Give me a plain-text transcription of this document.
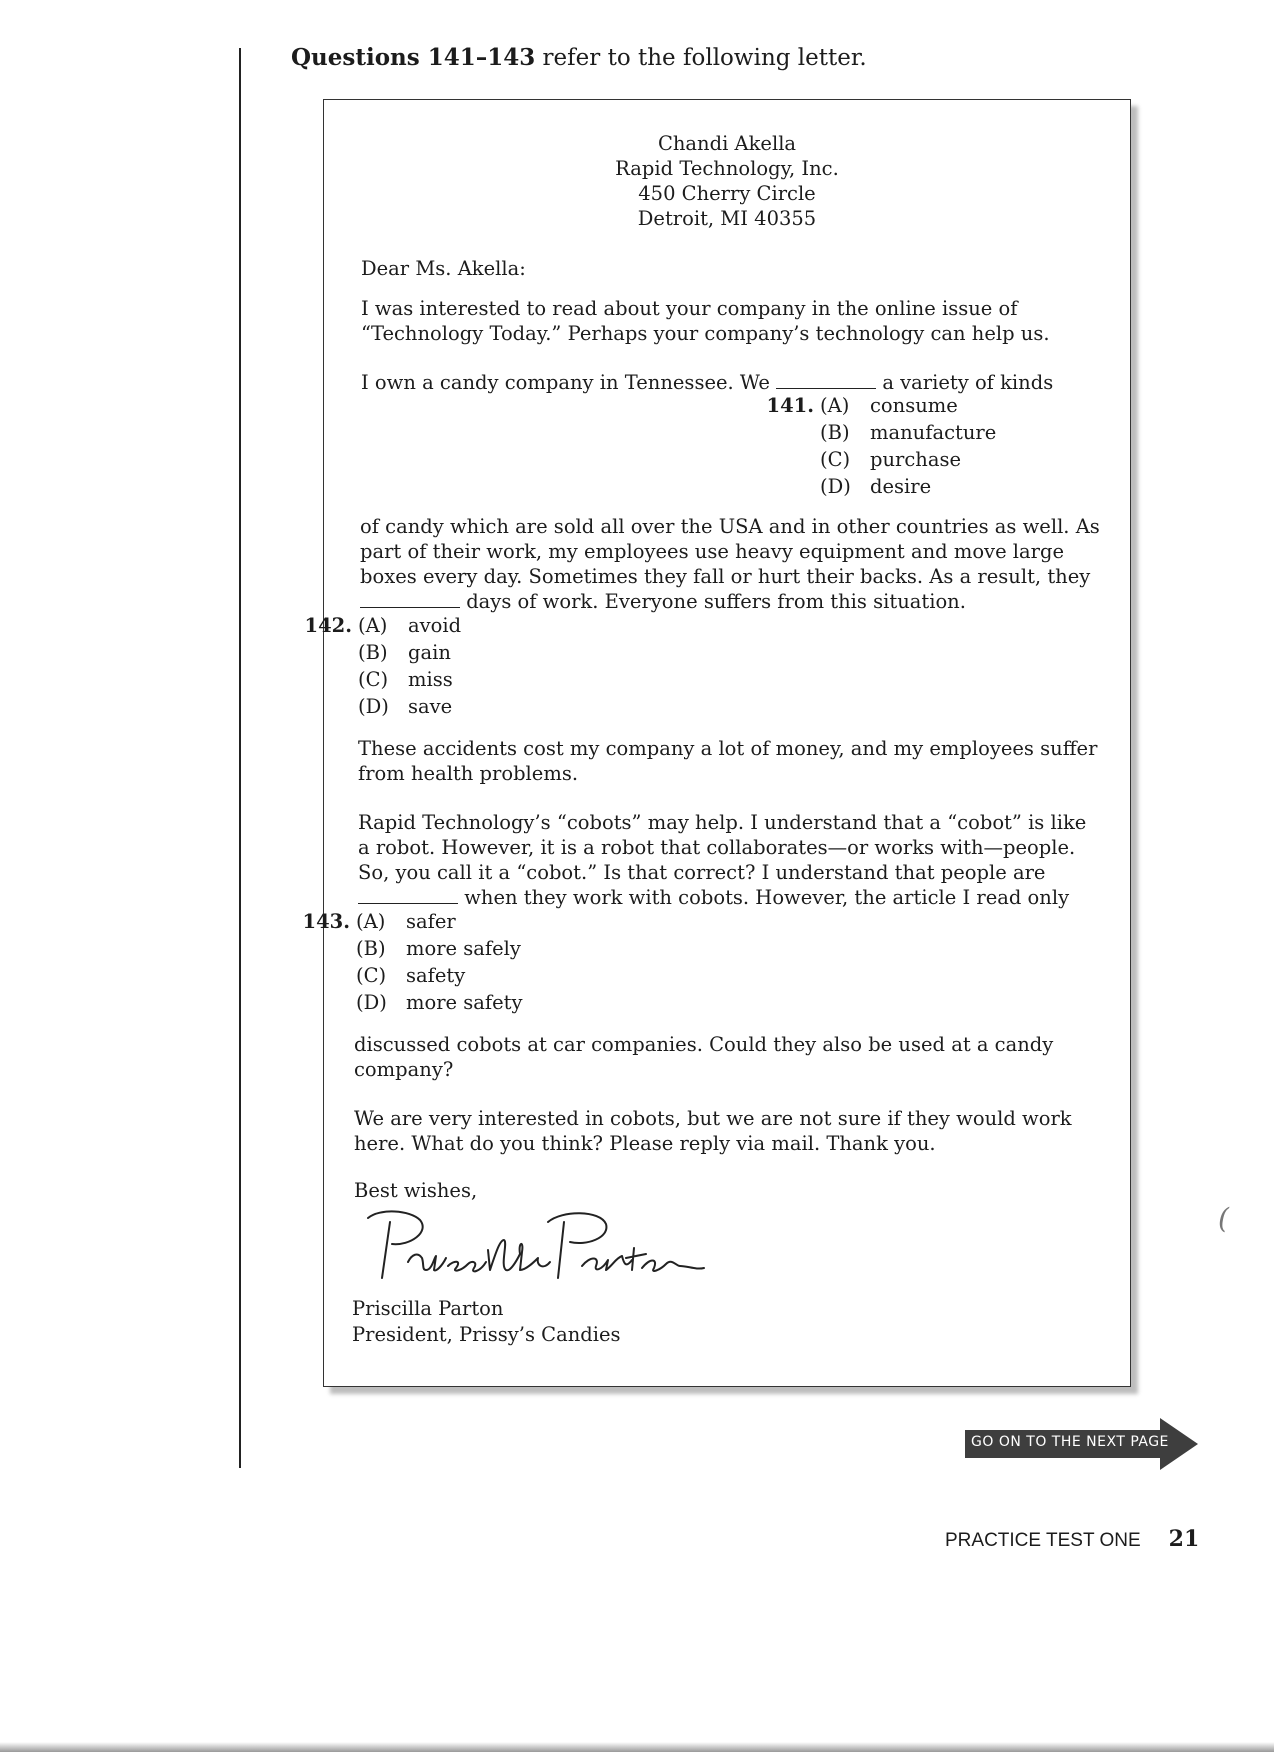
Questions 141–143 refer to the following letter.
Chandi Akella
Rapid Technology, Inc.
450 Cherry Circle
Detroit, MI 40355
Dear Ms. Akella:
I was interested to read about your company in the online issue of
“Technology Today.” Perhaps your company’s technology can help us.
I own a candy company in Tennessee. We	a variety of kinds
141. (A) consume
(B) manufacture
(C) purchase
(D) desire
of candy which are sold all over the USA and in other countries as well. As
part of their work, my employees use heavy equipment and move large
boxes every day. Sometimes they fall or hurt their backs. As a result, they
days of work. Everyone suffers from this situation.
142. (A) avoid
(B) gain
(C) miss
(D) save
These accidents cost my company a lot of money, and my employees suffer
from health problems.
Rapid Technology’s “cobots” may help. I understand that a “cobot” is like
a robot. However, it is a robot that collaborates—or works with—people.
So, you call it a “cobot.” Is that correct? I understand that people are
when they work with cobots. However, the article I read only
143. (A) safer
(B) more safely
(C) safety
(D) more safety
discussed cobots at car companies. Could they also be used at a candy
company?
We are very interested in cobots, but we are not sure if they would work
here. What do you think? Please reply via mail. Thank you.
Best wishes,
Priscilla Parton
President, Prissy’s Candies
(
GO ON TO THE NEXT PAGE
PRACTICE TEST ONE 21
